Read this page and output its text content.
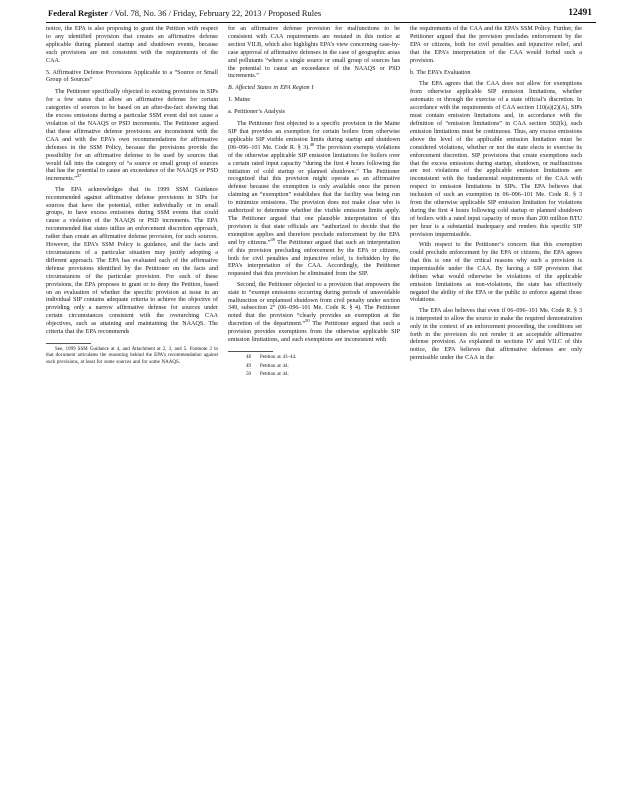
Federal Register / Vol. 78, No. 36 / Friday, February 22, 2013 / Proposed Rules	12491

notice, the EPA is also proposing to grant the Petition with respect to any identified provision that creates an affirmative defense applicable during planned startup and shutdown events, because such provisions are not consistent with the requirements of the CAA.

5. Affirmative Defense Provisions Applicable to a “Source or Small Group of Sources”

The Petitioner specifically objected to existing provisions in SIPs for a few states that allow an affirmative defense for certain categories of sources to be based on an after-the-fact showing that the excess emissions during a particular SSM event did not cause a violation of the NAAQS or PSD increments. The Petitioner argued that these affirmative defense provisions are inconsistent with the CAA and with the EPA’s own recommendations for affirmative defenses in the SSM Policy, because the provisions provide the possibility for an affirmative defense to be used by sources that would fall into the category of “a source or small group of sources that has the potential to cause an exceedance of the NAAQS or PSD increments.”$^{47}$

The EPA acknowledges that its 1999 SSM Guidance recommended against affirmative defense provisions in SIPs for sources that have the potential, either individually or in small groups, to have excess emissions during SSM events that could cause a violation of the NAAQS or PSD increments. The EPA recommended that states utilize an enforcement discretion approach, rather than create an affirmative defense provision, for such sources. However, the EPA’s SSM Policy is guidance, and the facts and circumstances of a particular situation may justify adopting a different approach. The EPA has evaluated each of the affirmative defense provisions identified by the Petitioner on the facts and circumstances of the particular provision. For each of these provisions, the EPA proposes to grant or to deny the Petition, based on an evaluation of whether the specific provision at issue in an individual SIP contains adequate criteria to achieve the objective of providing only a narrow affirmative defense for sources under certain circumstances consistent with the overarching CAA objectives, such as attaining and maintaining the NAAQS. The criteria that the EPA recommends

See, 1999 SSM Guidance at 4, and Attachment at 2, 3, and 5. Footnote 2 to that document articulates the reasoning behind the EPA’s recommendation against such provisions, at least for some sources and for some NAAQS.

for an affirmative defense provision for malfunctions to be consistent with CAA requirements are restated in this notice at section VII.B, which also highlights EPA’s view concerning case-by-case approval of affirmative defenses in the case of geographic areas and pollutants “where a single source or small group of sources has the potential to cause an exceedance of the NAAQS or PSD increments.”

B. Affected States in EPA Region I

1. Maine

a. Petitioner’s Analysis

The Petitioner first objected to a specific provision in the Maine SIP that provides an exemption for certain boilers from otherwise applicable SIP visible emission limits during startup and shutdown (06–096–101 Me. Code R. § 3).$^{48}$ The provision exempts violations of the otherwise applicable SIP emission limitations for boilers over a certain rated input capacity “during the first 4 hours following the initiation of cold startup or planned shutdown.” The Petitioner recognized that this provision might operate as an affirmative defense because the exemption is only available once the person claiming an “exemption” establishes that the facility was being run to minimize emissions. The provision does not make clear who is authorized to determine whether the visible emission limits apply. The Petitioner argued that one plausible interpretation of this provision is that state officials are “authorized to decide that the exemption applies and therefore preclude enforcement by the EPA and by citizens.”$^{49}$ The Petitioner argued that such an interpretation of this provision precluding enforcement by the EPA or citizens, both for civil penalties and injunctive relief, is forbidden by the EPA’s interpretation of the CAA. Accordingly, the Petitioner requested that this provision be eliminated from the SIP.

Second, the Petitioner objected to a provision that empowers the state to “exempt emissions occurring during periods of unavoidable malfunction or unplanned shutdown from civil penalty under section 349, subsection 2” (06–096–101 Me. Code R. § 4). The Petitioner noted that the provision “clearly provides an exemption at the discretion of the department.”$^{50}$ The Petitioner argued that such a provision provides exemptions from the otherwise applicable SIP emission limitations, and such exemptions are inconsistent with

48 Petition at 43–44.

49 Petition at 44.

50 Petition at 44.

the requirements of the CAA and the EPA’s SSM Policy. Further, the Petitioner argued that the provision precludes enforcement by the EPA or citizens, both for civil penalties and injunctive relief, and that the EPA’s interpretation of the CAA would forbid such a provision.

b. The EPA’s Evaluation

The EPA agrees that the CAA does not allow for exemptions from otherwise applicable SIP emission limitations, whether automatic or through the exercise of a state official’s discretion. In accordance with the requirements of CAA section 110(a)(2)(A), SIPs must contain emission limitations and, in accordance with the definition of “emission limitations” in CAA section 302(k), such emission limitations must be continuous. Thus, any excess emissions above the level of the applicable emission limitation must be considered violations, whether or not the state elects to exercise its enforcement discretion. SIP provisions that create exemptions such that the excess emissions during startup, shutdown, or malfunctions are not violations of the applicable emission limitations are inconsistent with the fundamental requirements of the CAA with respect to emission limitations in SIPs. The EPA believes that inclusion of such an exemption in 06–096–101 Me. Code R. § 3 from the otherwise applicable SIP emission limitation for violations during the first 4 hours following cold startup or planned shutdown of boilers with a rated input capacity of more than 200 million BTU per hour is a substantial inadequacy and renders this specific SIP provision impermissible.

With respect to the Petitioner’s concern that this exemption could preclude enforcement by the EPA or citizens, the EPA agrees that this is one of the critical reasons why such a provision is impermissible under the CAA. By having a SIP provision that defines what would otherwise be violations of the applicable emission limitations as non-violations, the state has effectively negated the ability of the EPA or the public to enforce against those violations.

The EPA also believes that even if 06–096–101 Me. Code R. § 3 is interpreted to allow the source to make the required demonstration only in the context of an enforcement proceeding, the conditions set forth in the provision do not render it an acceptable affirmative defense provision. As explained in sections IV and VII.C of this notice, the EPA believes that affirmative defenses are only permissible under the CAA in the
